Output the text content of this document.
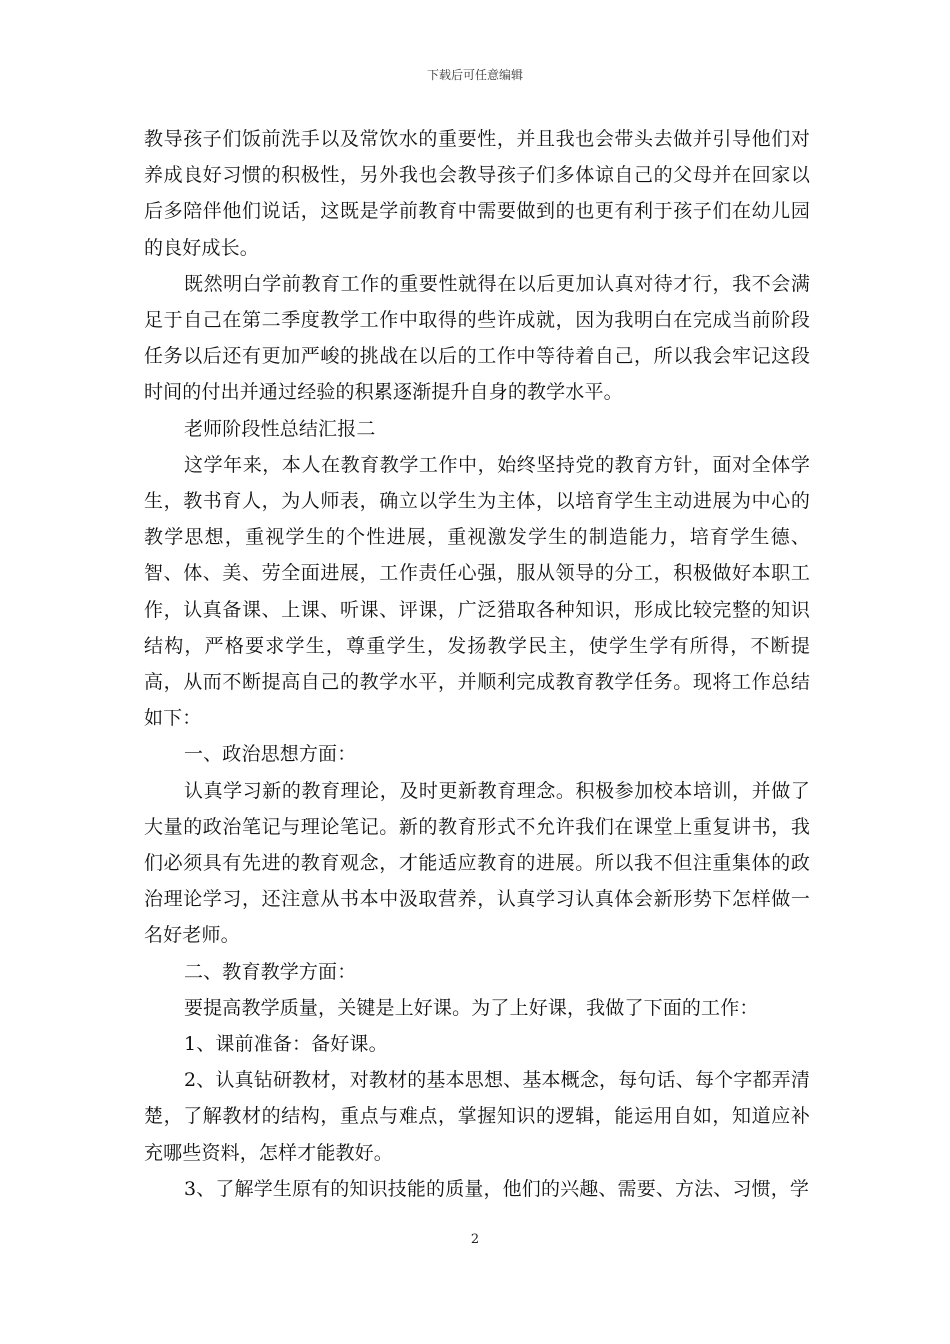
下载后可任意编辑

教导孩子们饭前洗手以及常饮水的重要性，并且我也会带头去做并引导他们对养成良好习惯的积极性，另外我也会教导孩子们多体谅自己的父母并在回家以后多陪伴他们说话，这既是学前教育中需要做到的也更有利于孩子们在幼儿园的良好成长。

既然明白学前教育工作的重要性就得在以后更加认真对待才行，我不会满足于自己在第二季度教学工作中取得的些许成就，因为我明白在完成当前阶段任务以后还有更加严峻的挑战在以后的工作中等待着自己，所以我会牢记这段时间的付出并通过经验的积累逐渐提升自身的教学水平。

老师阶段性总结汇报二

这学年来，本人在教育教学工作中，始终坚持党的教育方针，面对全体学生，教书育人，为人师表，确立以学生为主体，以培育学生主动进展为中心的教学思想，重视学生的个性进展，重视激发学生的制造能力，培育学生德、智、体、美、劳全面进展，工作责任心强，服从领导的分工，积极做好本职工作，认真备课、上课、听课、评课，广泛猎取各种知识，形成比较完整的知识结构，严格要求学生，尊重学生，发扬教学民主，使学生学有所得，不断提高，从而不断提高自己的教学水平，并顺利完成教育教学任务。现将工作总结如下：

一、政治思想方面：

认真学习新的教育理论，及时更新教育理念。积极参加校本培训，并做了大量的政治笔记与理论笔记。新的教育形式不允许我们在课堂上重复讲书，我们必须具有先进的教育观念，才能适应教育的进展。所以我不但注重集体的政治理论学习，还注意从书本中汲取营养，认真学习认真体会新形势下怎样做一名好老师。

二、教育教学方面：

要提高教学质量，关键是上好课。为了上好课，我做了下面的工作：

1、课前准备：备好课。

2、认真钻研教材，对教材的基本思想、基本概念，每句话、每个字都弄清楚，了解教材的结构，重点与难点，掌握知识的逻辑，能运用自如，知道应补充哪些资料，怎样才能教好。

3、了解学生原有的知识技能的质量，他们的兴趣、需要、方法、习惯，学

2
